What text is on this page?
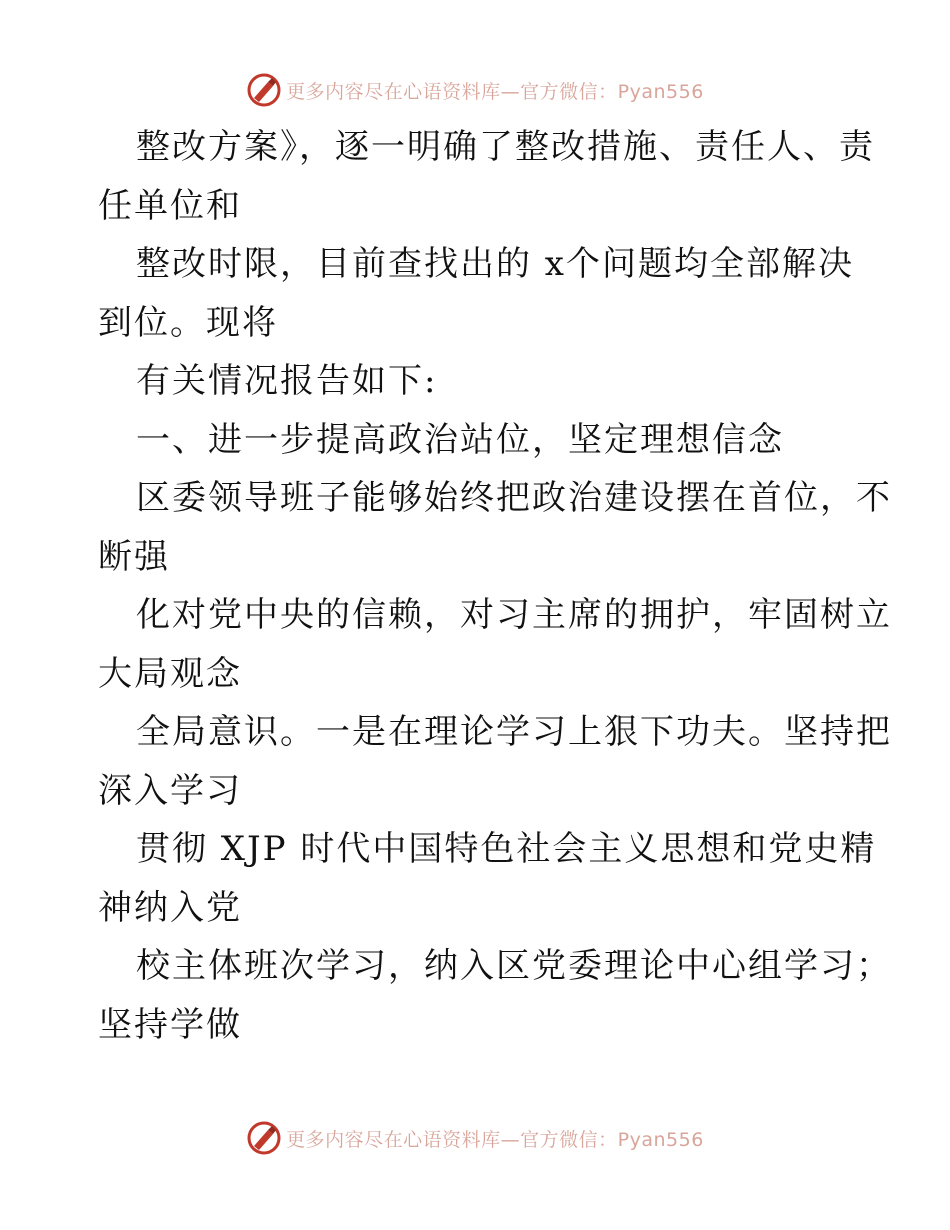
更多内容尽在心语资料库—官方微信：Pyan556
整改方案》，逐一明确了整改措施、责任人、责
任单位和
整改时限，目前查找出的 x个问题均全部解决
到位。现将
有关情况报告如下:
一、进一步提高政治站位，坚定理想信念
区委领导班子能够始终把政治建设摆在首位，不
断强
化对党中央的信赖，对习主席的拥护，牢固树立
大局观念
全局意识。一是在理论学习上狠下功夫。坚持把
深入学习
贯彻 XJP 时代中国特色社会主义思想和党史精
神纳入党
校主体班次学习，纳入区党委理论中心组学习；
坚持学做
更多内容尽在心语资料库—官方微信：Pyan556
